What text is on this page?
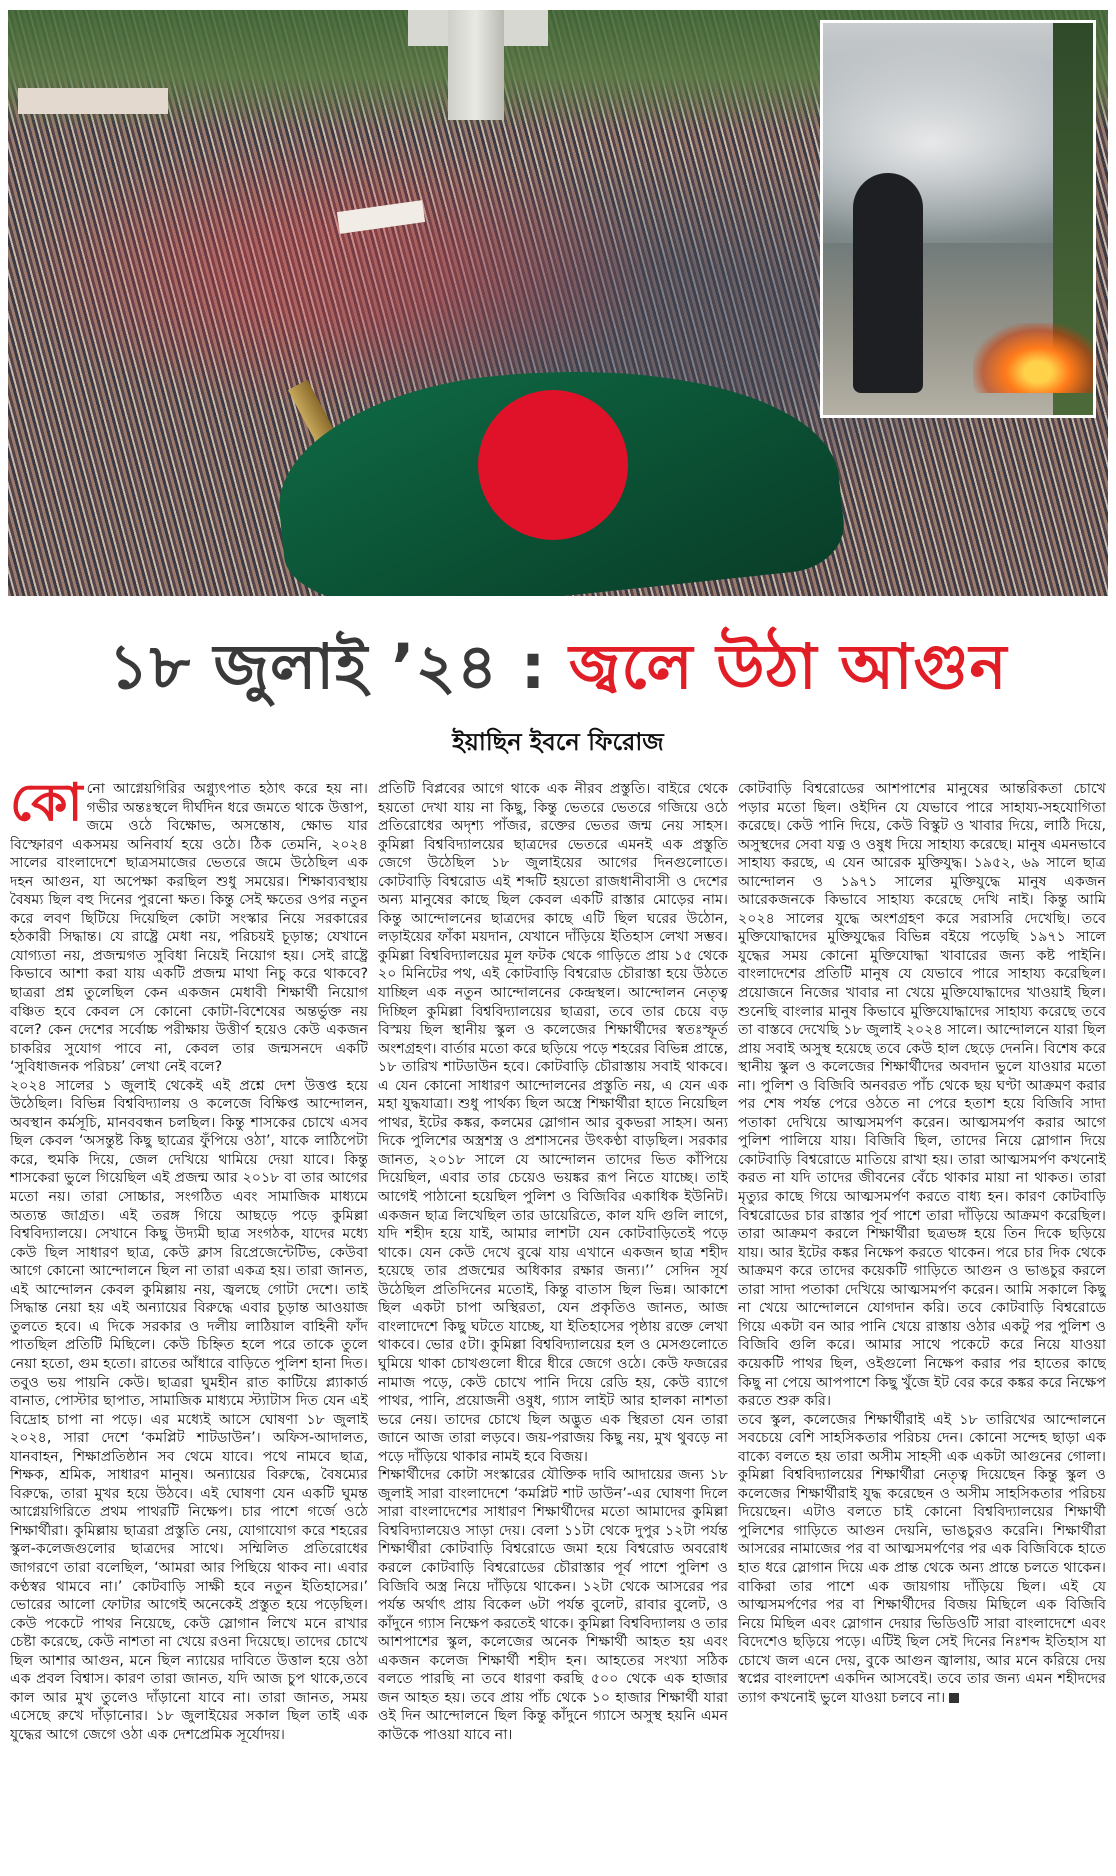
১৮ জুলাই ’২৪ : জ্বলে উঠা আগুন
ইয়াছিন ইবনে ফিরোজ
কো নো আগ্নেয়গিরির অগ্ন্যুৎপাত হঠাৎ করে হয় না। গভীর অন্তঃস্থলে দীর্ঘদিন ধরে জমতে থাকে উত্তাপ, জমে ওঠে বিক্ষোভ, অসন্তোষ, ক্ষোভ যার বিস্ফোরণ একসময় অনিবার্য হয়ে ওঠে। ঠিক তেমনি, ২০২৪ সালের বাংলাদেশে ছাত্রসমাজের ভেতরে জমে উঠেছিল এক দহন আগুন, যা অপেক্ষা করছিল শুধু সময়ের। শিক্ষাব্যবস্থায় বৈষম্য ছিল বহু দিনের পুরনো ক্ষত। কিন্তু সেই ক্ষতের ওপর নতুন করে লবণ ছিটিয়ে দিয়েছিল কোটা সংস্কার নিয়ে সরকারের হঠকারী সিদ্ধান্ত। যে রাষ্ট্রে মেধা নয়, পরিচয়ই চূড়ান্ত; যেখানে যোগ্যতা নয়, প্রজন্মগত সুবিধা নিয়েই নিয়োগ হয়। সেই রাষ্ট্রে কিভাবে আশা করা যায় একটি প্রজন্ম মাথা নিচু করে থাকবে? ছাত্ররা প্রশ্ন তুলেছিল কেন একজন মেধাবী শিক্ষার্থী নিয়োগ বঞ্চিত হবে কেবল সে কোনো কোটা-বিশেষের অন্তর্ভুক্ত নয় বলে? কেন দেশের সর্বোচ্চ পরীক্ষায় উত্তীর্ণ হয়েও কেউ একজন চাকরির সুযোগ পাবে না, কেবল তার জন্মসনদে একটি ‘সুবিধাজনক পরিচয়’ লেখা নেই বলে?

২০২৪ সালের ১ জুলাই থেকেই এই প্রশ্নে দেশ উত্তপ্ত হয়ে উঠেছিল। বিভিন্ন বিশ্ববিদ্যালয় ও কলেজে বিক্ষিপ্ত আন্দোলন, অবস্থান কর্মসূচি, মানববন্ধন চলছিল। কিন্তু শাসকের চোখে এসব ছিল কেবল ‘অসন্তুষ্ট কিছু ছাত্রের ফুঁপিয়ে ওঠা’, যাকে লাঠিপেটা করে, হুমকি দিয়ে, জেল দেখিয়ে থামিয়ে দেয়া যাবে। কিন্তু শাসকেরা ভুলে গিয়েছিল এই প্রজন্ম আর ২০১৮ বা তার আগের মতো নয়। তারা সোচ্চার, সংগঠিত এবং সামাজিক মাধ্যমে অত্যন্ত জাগ্রত। এই তরঙ্গ গিয়ে আছড়ে পড়ে কুমিল্লা বিশ্ববিদ্যালয়ে। সেখানে কিছু উদ্যমী ছাত্র সংগঠক, যাদের মধ্যে কেউ ছিল সাধারণ ছাত্র, কেউ ক্লাস রিপ্রেজেন্টেটিভ, কেউবা আগে কোনো আন্দোলনে ছিল না তারা একত্র হয়। তারা জানত, এই আন্দোলন কেবল কুমিল্লায় নয়, জ্বলছে গোটা দেশে। তাই সিদ্ধান্ত নেয়া হয় এই অন্যায়ের বিরুদ্ধে এবার চূড়ান্ত আওয়াজ তুলতে হবে। এ দিকে সরকার ও দলীয় লাঠিয়াল বাহিনী ফাঁদ পাতছিল প্রতিটি মিছিলে। কেউ চিহ্নিত হলে পরে তাকে তুলে নেয়া হতো, গুম হতো। রাতের আঁধারে বাড়িতে পুলিশ হানা দিত। তবুও ভয় পায়নি কেউ। ছাত্ররা ঘুমহীন রাত কাটিয়ে প্ল্যাকার্ড বানাত, পোস্টার ছাপাত, সামাজিক মাধ্যমে স্ট্যাটাস দিত যেন এই বিদ্রোহ চাপা না পড়ে। এর মধ্যেই আসে ঘোষণা ১৮ জুলাই ২০২৪, সারা দেশে ‘কমপ্লিট শাটডাউন’। অফিস-আদালত, যানবাহন, শিক্ষাপ্রতিষ্ঠান সব থেমে যাবে। পথে নামবে ছাত্র, শিক্ষক, শ্রমিক, সাধারণ মানুষ। অন্যায়ের বিরুদ্ধে, বৈষম্যের বিরুদ্ধে, তারা মুখর হয়ে উঠবে। এই ঘোষণা যেন একটি ঘুমন্ত আগ্নেয়গিরিতে প্রথম পাথরটি নিক্ষেপ। চার পাশে গর্জে ওঠে শিক্ষার্থীরা। কুমিল্লায় ছাত্ররা প্রস্তুতি নেয়, যোগাযোগ করে শহরের স্কুল-কলেজগুলোর ছাত্রদের সাথে। সম্মিলিত প্রতিরোধের জাগরণে তারা বলেছিল, ‘আমরা আর পিছিয়ে থাকব না। এবার কণ্ঠস্বর থামবে না।’ কোটবাড়ি সাক্ষী হবে নতুন ইতিহাসের।’ ভোরের আলো ফোটার আগেই অনেকেই প্রস্তুত হয়ে পড়েছিল। কেউ পকেটে পাথর নিয়েছে, কেউ স্লোগান লিখে মনে রাখার চেষ্টা করেছে, কেউ নাশতা না খেয়ে রওনা দিয়েছে। তাদের চোখে ছিল আশার আগুন, মনে ছিল ন্যায়ের দাবিতে উত্তাল হয়ে ওঠা এক প্রবল বিশ্বাস। কারণ তারা জানত, যদি আজ চুপ থাকে,তবে কাল আর মুখ তুলেও দাঁড়ানো যাবে না। তারা জানত, সময় এসেছে রুখে দাঁড়ানোর। ১৮ জুলাইয়ের সকাল ছিল তাই এক যুদ্ধের আগে জেগে ওঠা এক দেশপ্রেমিক সূর্যোদয়।

প্রতিটি বিপ্লবের আগে থাকে এক নীরব প্রস্তুতি। বাইরে থেকে হয়তো দেখা যায় না কিছু, কিন্তু ভেতরে ভেতরে গজিয়ে ওঠে প্রতিরোধের অদৃশ্য পাঁজর, রক্তের ভেতর জন্ম নেয় সাহস। কুমিল্লা বিশ্ববিদ্যালয়ের ছাত্রদের ভেতরে এমনই এক প্রস্তুতি জেগে উঠেছিল ১৮ জুলাইয়ের আগের দিনগুলোতে। কোটবাড়ি বিশ্বরোড এই শব্দটি হয়তো রাজধানীবাসী ও দেশের অন্য মানুষের কাছে ছিল কেবল একটি রাস্তার মোড়ের নাম। কিন্তু আন্দোলনের ছাত্রদের কাছে এটি ছিল ঘরের উঠোন, লড়াইয়ের ফাঁকা ময়দান, যেখানে দাঁড়িয়ে ইতিহাস লেখা সম্ভব। কুমিল্লা বিশ্ববিদ্যালয়ের মূল ফটক থেকে গাড়িতে প্রায় ১৫ থেকে ২০ মিনিটের পথ, এই কোটবাড়ি বিশ্বরোড চৌরাস্তা হয়ে উঠতে যাচ্ছিল এক নতুন আন্দোলনের কেন্দ্রস্থল। আন্দোলন নেতৃত্ব দিচ্ছিল কুমিল্লা বিশ্ববিদ্যালয়ের ছাত্ররা, তবে তার চেয়ে বড় বিস্ময় ছিল স্থানীয় স্কুল ও কলেজের শিক্ষার্থীদের স্বতঃস্ফূর্ত অংশগ্রহণ। বার্তার মতো করে ছড়িয়ে পড়ে শহরের বিভিন্ন প্রান্তে, ১৮ তারিখ শাটডাউন হবে। কোটবাড়ি চৌরাস্তায় সবাই থাকবে। এ যেন কোনো সাধারণ আন্দোলনের প্রস্তুতি নয়, এ যেন এক মহা যুদ্ধযাত্রা। শুধু পার্থক্য ছিল অস্ত্রে শিক্ষার্থীরা হাতে নিয়েছিল পাথর, ইটের কঙ্কর, কলমের স্লোগান আর বুকভরা সাহস। অন্য দিকে পুলিশের অস্ত্রশস্ত্র ও প্রশাসনের উৎকণ্ঠা বাড়ছিল। সরকার জানত, ২০১৮ সালে যে আন্দোলন তাদের ভিত কাঁপিয়ে দিয়েছিল, এবার তার চেয়েও ভয়ঙ্কর রূপ নিতে যাচ্ছে। তাই আগেই পাঠানো হয়েছিল পুলিশ ও বিজিবির একাধিক ইউনিট। একজন ছাত্র লিখেছিল তার ডায়েরিতে, কাল যদি গুলি লাগে, যদি শহীদ হয়ে যাই, আমার লাশটা যেন কোটবাড়িতেই পড়ে থাকে। যেন কেউ দেখে বুঝে যায় এখানে একজন ছাত্র শহীদ হয়েছে তার প্রজন্মের অধিকার রক্ষার জন্য।’’ সেদিন সূর্য উঠেছিল প্রতিদিনের মতোই, কিন্তু বাতাস ছিল ভিন্ন। আকাশে ছিল একটা চাপা অস্থিরতা, যেন প্রকৃতিও জানত, আজ বাংলাদেশে কিছু ঘটতে যাচ্ছে, যা ইতিহাসের পৃষ্ঠায় রক্তে লেখা থাকবে। ভোর ৫টা। কুমিল্লা বিশ্ববিদ্যালয়ের হল ও মেসগুলোতে ঘুমিয়ে থাকা চোখগুলো ধীরে ধীরে জেগে ওঠে। কেউ ফজরের নামাজ পড়ে, কেউ চোখে পানি দিয়ে রেডি হয়, কেউ ব্যাগে পাথর, পানি, প্রয়োজনী ওষুধ, গ্যাস লাইট আর হালকা নাশতা ভরে নেয়। তাদের চোখে ছিল অদ্ভুত এক স্থিরতা যেন তারা জানে আজ তারা লড়বে। জয়-পরাজয় কিছু নয়, মুখ থুবড়ে না পড়ে দাঁড়িয়ে থাকার নামই হবে বিজয়।

শিক্ষার্থীদের কোটা সংস্কারের যৌক্তিক দাবি আদায়ের জন্য ১৮ জুলাই সারা বাংলাদেশে ‘কমপ্লিট শাট ডাউন’-এর ঘোষণা দিলে সারা বাংলাদেশের সাধারণ শিক্ষার্থীদের মতো আমাদের কুমিল্লা বিশ্ববিদ্যালয়েও সাড়া দেয়। বেলা ১১টা থেকে দুপুর ১২টা পর্যন্ত শিক্ষার্থীরা কোটবাড়ি বিশ্বরোডে জমা হয়ে বিশ্বরোড অবরোধ করলে কোটবাড়ি বিশ্বরোডের চৌরাস্তার পূর্ব পাশে পুলিশ ও বিজিবি অস্ত্র নিয়ে দাঁড়িয়ে থাকেন। ১২টা থেকে আসরের পর পর্যন্ত অর্থাৎ প্রায় বিকেল ৬টা পর্যন্ত বুলেট, রাবার বুলেট, ও কাঁদুনে গ্যাস নিক্ষেপ করতেই থাকে। কুমিল্লা বিশ্ববিদ্যালয় ও তার আশপাশের স্কুল, কলেজের অনেক শিক্ষার্থী আহত হয় এবং একজন কলেজ শিক্ষার্থী শহীদ হন। আহতের সংখ্যা সঠিক বলতে পারছি না তবে ধারণা করছি ৫০০ থেকে এক হাজার জন আহত হয়। তবে প্রায় পাঁচ থেকে ১০ হাজার শিক্ষার্থী যারা ওই দিন আন্দোলনে ছিল কিন্তু কাঁদুনে গ্যাসে অসুস্থ হয়নি এমন কাউকে পাওয়া যাবে না।

কোটবাড়ি বিশ্বরোডের আশপাশের মানুষের আন্তরিকতা চোখে পড়ার মতো ছিল। ওইদিন যে যেভাবে পারে সাহায্য-সহযোগিতা করেছে। কেউ পানি দিয়ে, কেউ বিস্কুট ও খাবার দিয়ে, লাঠি দিয়ে, অসুস্থদের সেবা যত্ন ও ওষুধ দিয়ে সাহায্য করেছে। মানুষ এমনভাবে সাহায্য করছে, এ যেন আরেক মুক্তিযুদ্ধ। ১৯৫২, ৬৯ সালে ছাত্র আন্দোলন ও ১৯৭১ সালের মুক্তিযুদ্ধে মানুষ একজন আরেকজনকে কিভাবে সাহায্য করেছে দেখি নাই। কিন্তু আমি ২০২৪ সালের যুদ্ধে অংশগ্রহণ করে সরাসরি দেখেছি। তবে মুক্তিযোদ্ধাদের মুক্তিযুদ্ধের বিভিন্ন বইয়ে পড়েছি ১৯৭১ সালে যুদ্ধের সময় কোনো মুক্তিযোদ্ধা খাবারের জন্য কষ্ট পাইনি। বাংলাদেশের প্রতিটি মানুষ যে যেভাবে পারে সাহায্য করেছিল। প্রয়োজনে নিজের খাবার না খেয়ে মুক্তিযোদ্ধাদের খাওয়াই ছিল। শুনেছি বাংলার মানুষ কিভাবে মুক্তিযোদ্ধাদের সাহায্য করেছে তবে তা বাস্তবে দেখেছি ১৮ জুলাই ২০২৪ সালে। আন্দোলনে যারা ছিল প্রায় সবাই অসুস্থ হয়েছে তবে কেউ হাল ছেড়ে দেননি। বিশেষ করে স্থানীয় স্কুল ও কলেজের শিক্ষার্থীদের অবদান ভুলে যাওয়ার মতো না। পুলিশ ও বিজিবি অনবরত পাঁচ থেকে ছয় ঘণ্টা আক্রমণ করার পর শেষ পর্যন্ত পেরে ওঠতে না পেরে হতাশ হয়ে বিজিবি সাদা পতাকা দেখিয়ে আত্মসমর্পণ করেন। আত্মসমর্পণ করার আগে পুলিশ পালিয়ে যায়। বিজিবি ছিল, তাদের নিয়ে স্লোগান দিয়ে কোটবাড়ি বিশ্বরোডে মাতিয়ে রাখা হয়। তারা আত্মসমর্পণ কখনোই করত না যদি তাদের জীবনের বেঁচে থাকার মায়া না থাকত। তারা মৃত্যুর কাছে গিয়ে আত্মসমর্পণ করতে বাধ্য হন। কারণ কোটবাড়ি বিশ্বরোডের চার রাস্তার পূর্ব পাশে তারা দাঁড়িয়ে আক্রমণ করেছিল। তারা আক্রমণ করলে শিক্ষার্থীরা ছত্রভঙ্গ হয়ে তিন দিকে ছড়িয়ে যায়। আর ইটের কঙ্কর নিক্ষেপ করতে থাকেন। পরে চার দিক থেকে আক্রমণ করে তাদের কয়েকটি গাড়িতে আগুন ও ভাঙচুর করলে তারা সাদা পতাকা দেখিয়ে আত্মসমর্পণ করেন। আমি সকালে কিছু না খেয়ে আন্দোলনে যোগদান করি। তবে কোটবাড়ি বিশ্বরোডে গিয়ে একটা বন আর পানি খেয়ে রাস্তায় ওঠার একটু পর পুলিশ ও বিজিবি গুলি করে। আমার সাথে পকেটে করে নিয়ে যাওয়া কয়েকটি পাথর ছিল, ওইগুলো নিক্ষেপ করার পর হাতের কাছে কিছু না পেয়ে আপপাশে কিছু খুঁজে ইট বের করে কঙ্কর করে নিক্ষেপ করতে শুরু করি।

তবে স্কুল, কলেজের শিক্ষার্থীরাই এই ১৮ তারিখের আন্দোলনে সবচেয়ে বেশি সাহসিকতার পরিচয় দেন। কোনো সন্দেহ ছাড়া এক বাক্যে বলতে হয় তারা অসীম সাহসী এক একটা আগুনের গোলা। কুমিল্লা বিশ্ববিদ্যালয়ের শিক্ষার্থীরা নেতৃত্ব দিয়েছেন কিন্তু স্কুল ও কলেজের শিক্ষার্থীরাই যুদ্ধ করেছেন ও অসীম সাহসিকতার পরিচয় দিয়েছেন। এটাও বলতে চাই কোনো বিশ্ববিদ্যালয়ের শিক্ষার্থী পুলিশের গাড়িতে আগুন দেয়নি, ভাঙচুরও করেনি। শিক্ষার্থীরা আসরের নামাজের পর বা আত্মসমর্পণের পর এক বিজিবিকে হাতে হাত ধরে স্লোগান দিয়ে এক প্রান্ত থেকে অন্য প্রান্তে চলতে থাকেন। বাকিরা তার পাশে এক জায়গায় দাঁড়িয়ে ছিল। এই যে আত্মসমর্পণের পর বা শিক্ষার্থীদের বিজয় মিছিলে এক বিজিবি নিয়ে মিছিল এবং স্লোগান দেয়ার ভিডিওটি সারা বাংলাদেশে এবং বিদেশেও ছড়িয়ে পড়ে। এটিই ছিল সেই দিনের নিঃশব্দ ইতিহাস যা চোখে জল এনে দেয়, বুকে আগুন জ্বালায়, আর মনে করিয়ে দেয় স্বপ্নের বাংলাদেশ একদিন আসবেই। তবে তার জন্য এমন শহীদদের ত্যাগ কখনোই ভুলে যাওয়া চলবে না।
